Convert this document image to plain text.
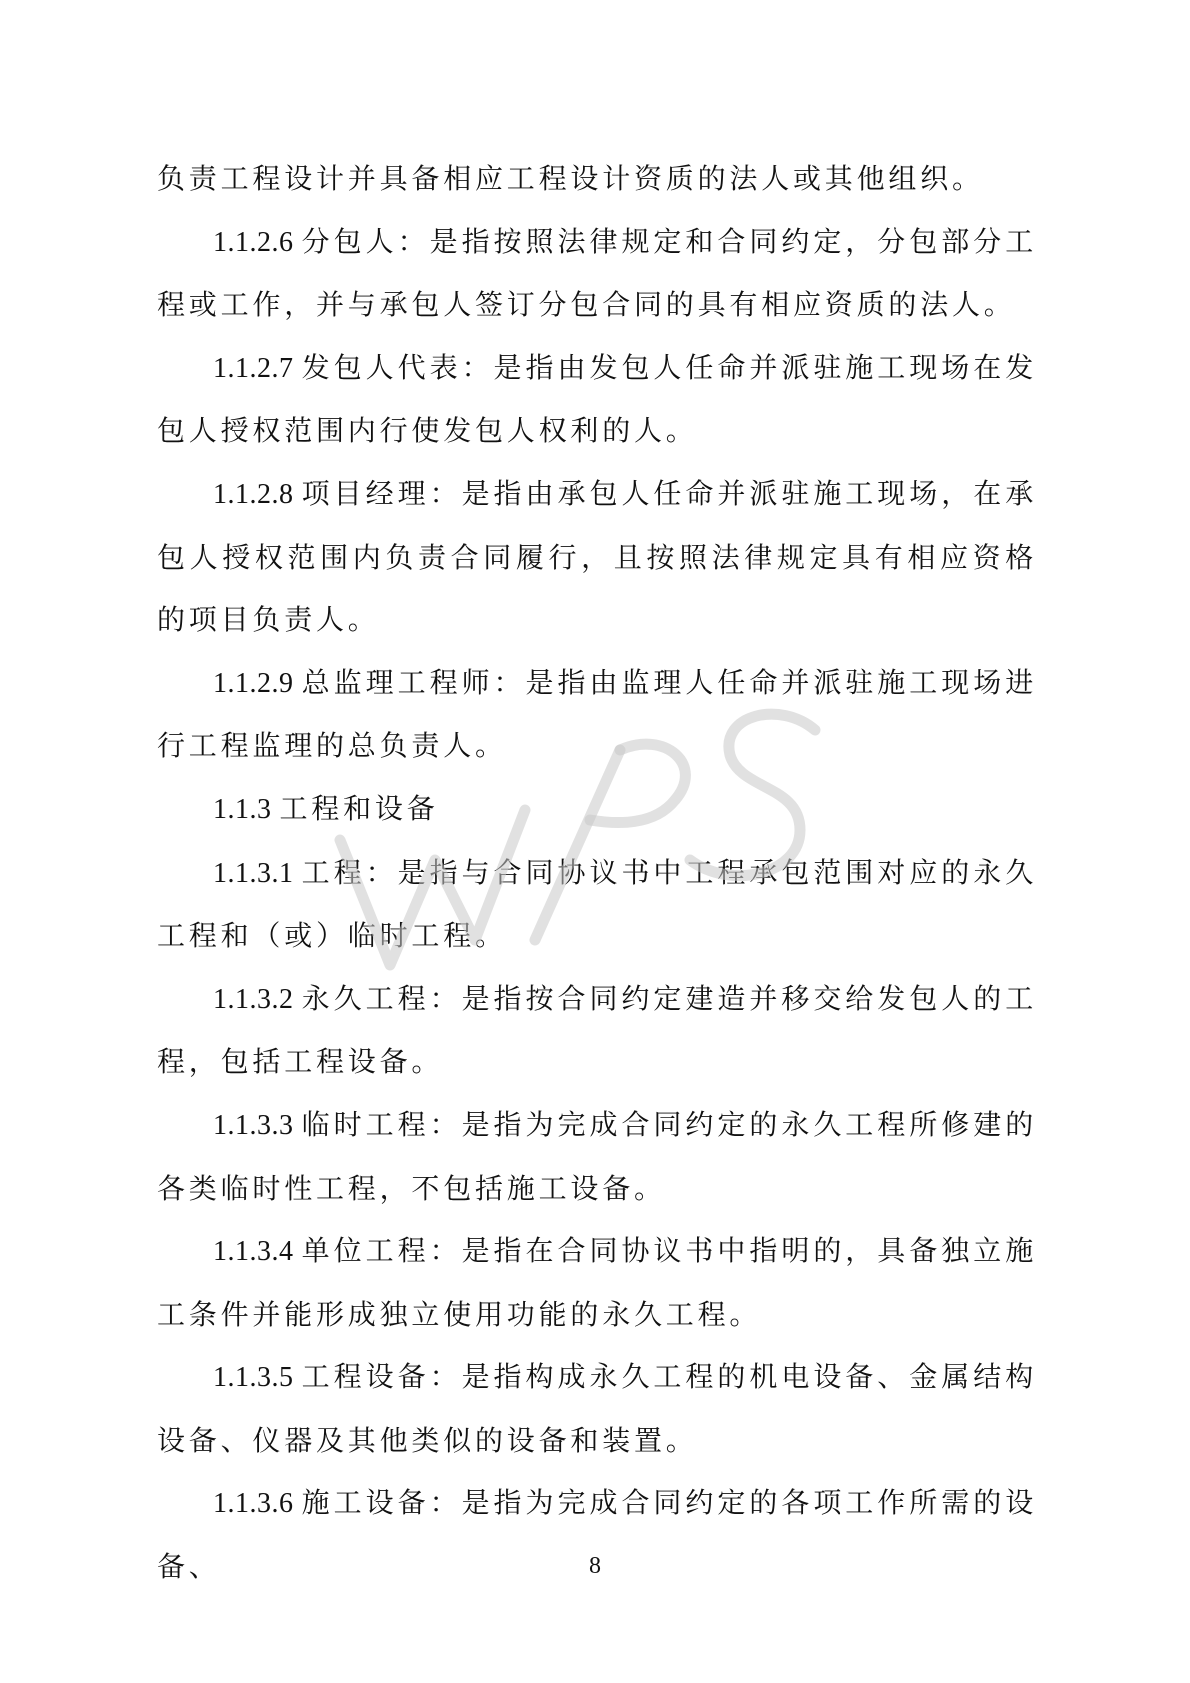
负责工程设计并具备相应工程设计资质的法人或其他组织。

1.1.2.6 分包人：是指按照法律规定和合同约定，分包部分工程或工作，并与承包人签订分包合同的具有相应资质的法人。

1.1.2.7 发包人代表：是指由发包人任命并派驻施工现场在发包人授权范围内行使发包人权利的人。

1.1.2.8 项目经理：是指由承包人任命并派驻施工现场，在承包人授权范围内负责合同履行，且按照法律规定具有相应资格的项目负责人。

1.1.2.9 总监理工程师：是指由监理人任命并派驻施工现场进行工程监理的总负责人。

1.1.3 工程和设备

1.1.3.1 工程：是指与合同协议书中工程承包范围对应的永久工程和（或）临时工程。

1.1.3.2 永久工程：是指按合同约定建造并移交给发包人的工程，包括工程设备。

1.1.3.3 临时工程：是指为完成合同约定的永久工程所修建的各类临时性工程，不包括施工设备。

1.1.3.4 单位工程：是指在合同协议书中指明的，具备独立施工条件并能形成独立使用功能的永久工程。

1.1.3.5 工程设备：是指构成永久工程的机电设备、金属结构设备、仪器及其他类似的设备和装置。

1.1.3.6 施工设备：是指为完成合同约定的各项工作所需的设备、	8
